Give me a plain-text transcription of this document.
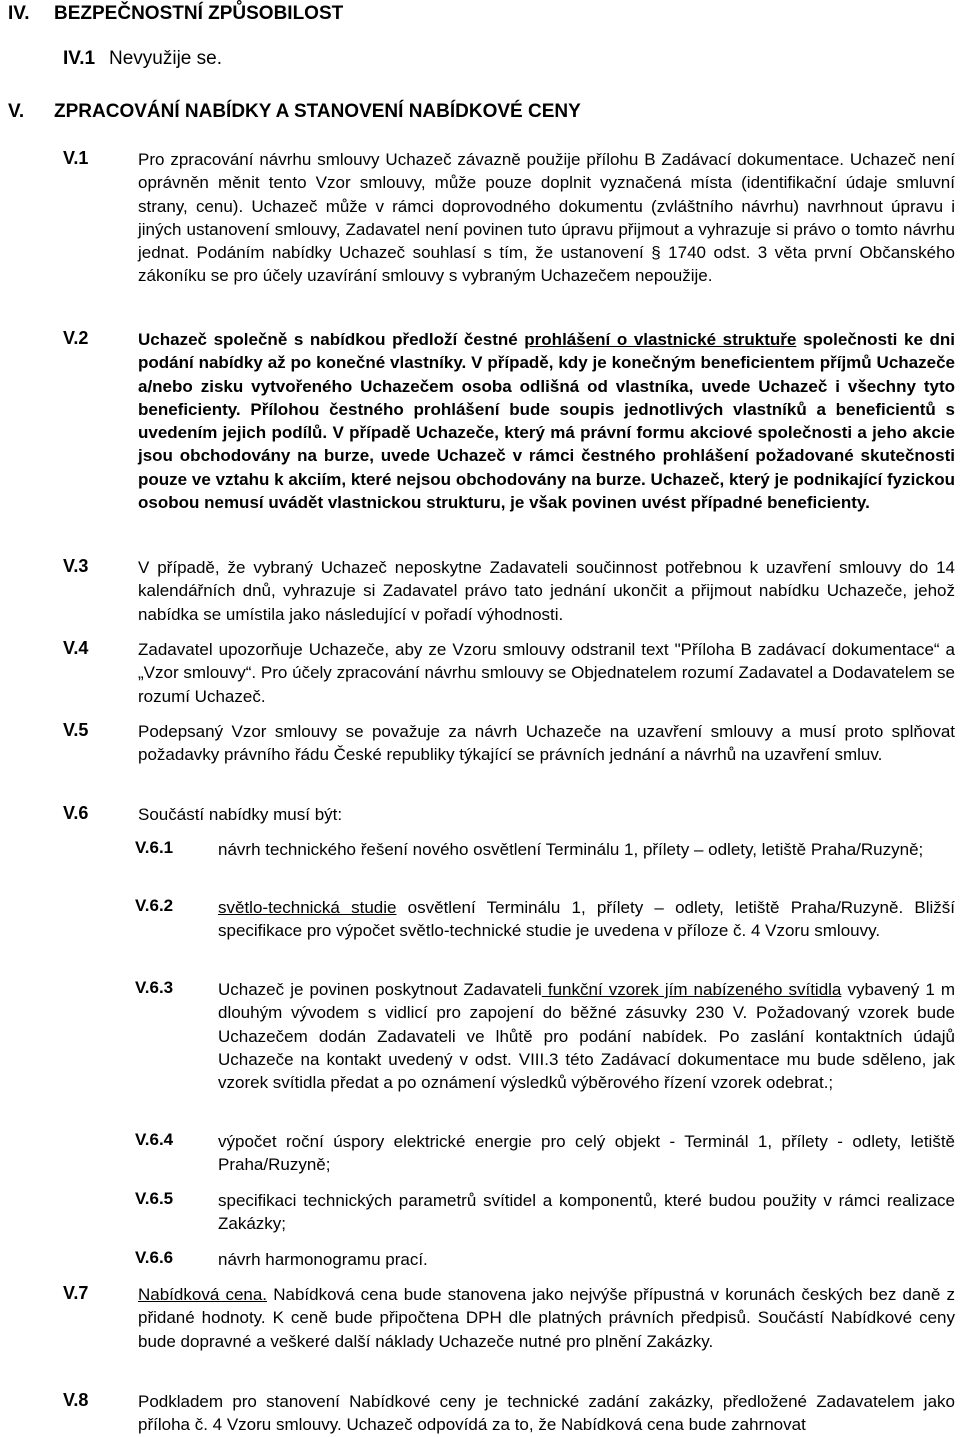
IV. BEZPEČNOSTNÍ ZPŮSOBILOST
IV.1 Nevyužije se.
V. ZPRACOVÁNÍ NABÍDKY A STANOVENÍ NABÍDKOVÉ CENY
V.1	Pro zpracování návrhu smlouvy Uchazeč závazně použije přílohu B Zadávací dokumentace. Uchazeč není oprávněn měnit tento Vzor smlouvy, může pouze doplnit vyznačená místa (identifikační údaje smluvní strany, cenu). Uchazeč může v rámci doprovodného dokumentu (zvláštního návrhu) navrhnout úpravu i jiných ustanovení smlouvy, Zadavatel není povinen tuto úpravu přijmout a vyhrazuje si právo o tomto návrhu jednat. Podáním nabídky Uchazeč souhlasí s tím, že ustanovení § 1740 odst. 3 věta první Občanského zákoníku se pro účely uzavírání smlouvy s vybraným Uchazečem nepoužije.
V.2	Uchazeč společně s nabídkou předloží čestné prohlášení o vlastnické struktuře společnosti ke dni podání nabídky až po konečné vlastníky. V případě, kdy je konečným beneficientem příjmů Uchazeče a/nebo zisku vytvořeného Uchazečem osoba odlišná od vlastníka, uvede Uchazeč i všechny tyto beneficienty. Přílohou čestného prohlášení bude soupis jednotlivých vlastníků a beneficientů s uvedením jejich podílů. V případě Uchazeče, který má právní formu akciové společnosti a jeho akcie jsou obchodovány na burze, uvede Uchazeč v rámci čestného prohlášení požadované skutečnosti pouze ve vztahu k akciím, které nejsou obchodovány na burze. Uchazeč, který je podnikající fyzickou osobou nemusí uvádět vlastnickou strukturu, je však povinen uvést případné beneficienty.
V.3	V případě, že vybraný Uchazeč neposkytne Zadavateli součinnost potřebnou k uzavření smlouvy do 14 kalendářních dnů, vyhrazuje si Zadavatel právo tato jednání ukončit a přijmout nabídku Uchazeče, jehož nabídka se umístila jako následující v pořadí výhodnosti.
V.4	Zadavatel upozorňuje Uchazeče, aby ze Vzoru smlouvy odstranil text "Příloha B zadávací dokumentace“ a „Vzor smlouvy“. Pro účely zpracování návrhu smlouvy se Objednatelem rozumí Zadavatel a Dodavatelem se rozumí Uchazeč.
V.5	Podepsaný Vzor smlouvy se považuje za návrh Uchazeče na uzavření smlouvy a musí proto splňovat požadavky právního řádu České republiky týkající se právních jednání a návrhů na uzavření smluv.
V.6	Součástí nabídky musí být:
V.6.1	návrh technického řešení nového osvětlení Terminálu 1, přílety – odlety, letiště Praha/Ruzyně;
V.6.2	světlo-technická studie osvětlení Terminálu 1, přílety – odlety, letiště Praha/Ruzyně. Bližší specifikace pro výpočet světlo-technické studie je uvedena v příloze č. 4 Vzoru smlouvy.
V.6.3	Uchazeč je povinen poskytnout Zadavateli funkční vzorek jím nabízeného svítidla vybavený 1 m dlouhým vývodem s vidlicí pro zapojení do běžné zásuvky 230 V. Požadovaný vzorek bude Uchazečem dodán Zadavateli ve lhůtě pro podání nabídek. Po zaslání kontaktních údajů Uchazeče na kontakt uvedený v odst. VIII.3 této Zadávací dokumentace mu bude sděleno, jak vzorek svítidla předat a po oznámení výsledků výběrového řízení vzorek odebrat.;
V.6.4	výpočet roční úspory elektrické energie pro celý objekt - Terminál 1, přílety - odlety, letiště Praha/Ruzyně;
V.6.5	specifikaci technických parametrů svítidel a komponentů, které budou použity v rámci realizace Zakázky;
V.6.6	návrh harmonogramu prací.
V.7	Nabídková cena. Nabídková cena bude stanovena jako nejvýše přípustná v korunách českých bez daně z přidané hodnoty. K ceně bude připočtena DPH dle platných právních předpisů. Součástí Nabídkové ceny bude dopravné a veškeré další náklady Uchazeče nutné pro plnění Zakázky.
V.8	Podkladem pro stanovení Nabídkové ceny je technické zadání zakázky, předložené Zadavatelem jako příloha č. 4 Vzoru smlouvy. Uchazeč odpovídá za to, že Nabídková cena bude zahrnovat
